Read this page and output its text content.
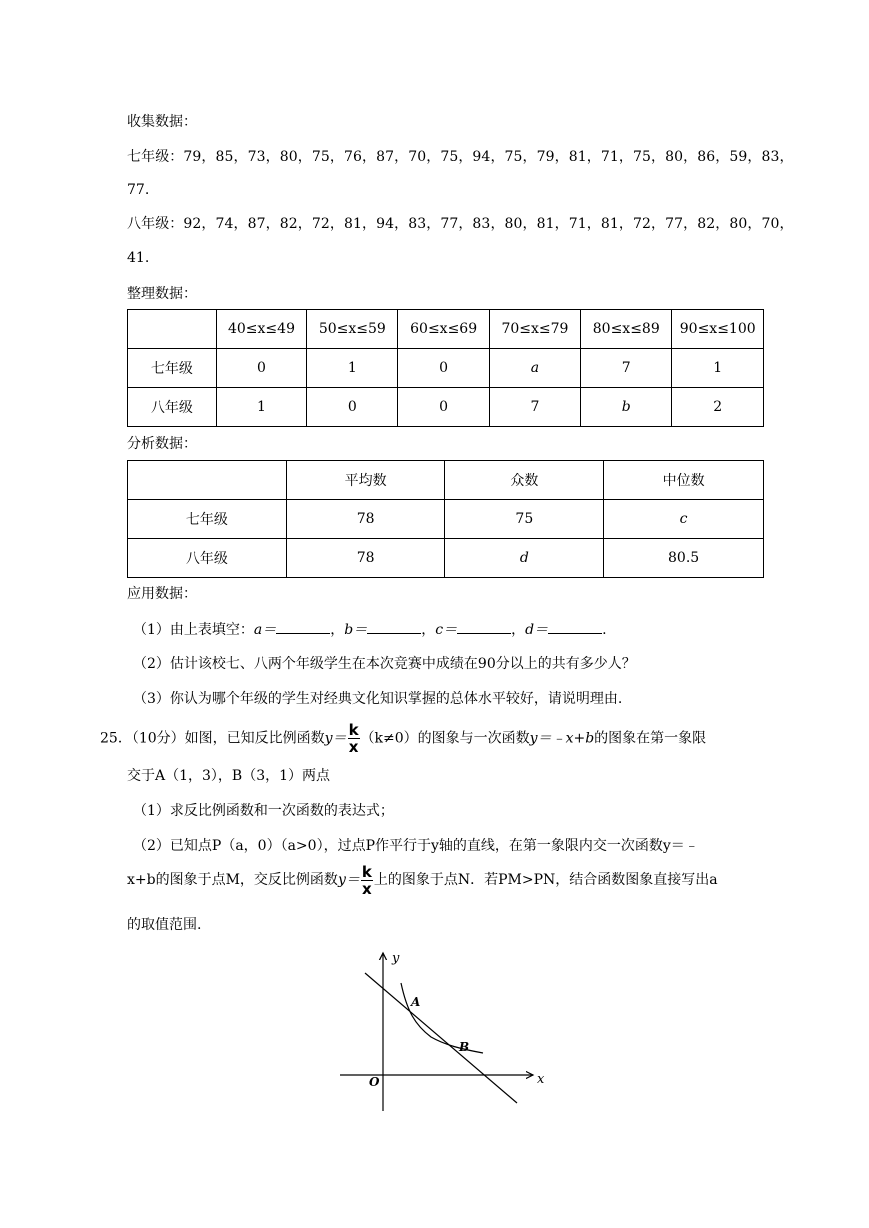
收集数据：
七年级：79，85，73，80，75，76，87，70，75，94，75，79，81，71，75，80，86，59，83，
77.
八年级：92，74，87，82，72，81，94，83，77，83，80，81，71，81，72，77，82，80，70，
41.
整理数据：
	40≤x≤49	50≤x≤59	60≤x≤69	70≤x≤79	80≤x≤89	90≤x≤100
七年级	0	1	0	a	7	1
八年级	1	0	0	7	b	2
分析数据：
	平均数	众数	中位数
七年级	78	75	c
八年级	78	d	80.5
应用数据：
（1）由上表填空：a＝	，b＝	，c＝	，d＝	.
（2）估计该校七、八两个年级学生在本次竞赛中成绩在90分以上的共有多少人？
（3）你认为哪个年级的学生对经典文化知识掌握的总体水平较好，请说明理由.
25．（10分）如图，已知反比例函数$y= \frac{k}{x} (k\ne 0)$的图象与一次函数y＝﹣x+b的图象在第一象限
交于A（1，3），B（3，1）两点
（1）求反比例函数和一次函数的表达式；
（2）已知点P（a，0）（a>0），过点P作平行于y轴的直线，在第一象限内交一次函数y＝﹣
x+b的图象于点M，交反比例函数$y= \frac{k}{x}$ 上的图象于点N．若PM>PN，结合函数图象直接写出a
的取值范围.
y
x
O
A
B
